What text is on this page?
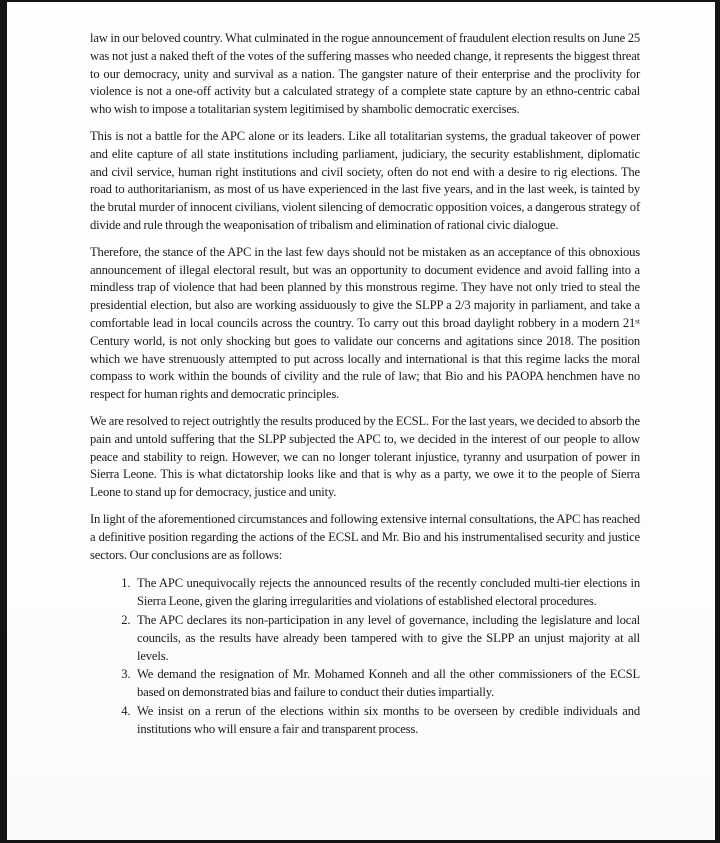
law in our beloved country. What culminated in the rogue announcement of fraudulent election results on June 25 was not just a naked theft of the votes of the suffering masses who needed change, it represents the biggest threat to our democracy, unity and survival as a nation. The gangster nature of their enterprise and the proclivity for violence is not a one-off activity but a calculated strategy of a complete state capture by an ethno-centric cabal who wish to impose a totalitarian system legitimised by shambolic democratic exercises.

This is not a battle for the APC alone or its leaders. Like all totalitarian systems, the gradual takeover of power and elite capture of all state institutions including parliament, judiciary, the security establishment, diplomatic and civil service, human right institutions and civil society, often do not end with a desire to rig elections. The road to authoritarianism, as most of us have experienced in the last five years, and in the last week, is tainted by the brutal murder of innocent civilians, violent silencing of democratic opposition voices, a dangerous strategy of divide and rule through the weaponisation of tribalism and elimination of rational civic dialogue.

Therefore, the stance of the APC in the last few days should not be mistaken as an acceptance of this obnoxious announcement of illegal electoral result, but was an opportunity to document evidence and avoid falling into a mindless trap of violence that had been planned by this monstrous regime. They have not only tried to steal the presidential election, but also are working assiduously to give the SLPP a 2/3 majority in parliament, and take a comfortable lead in local councils across the country. To carry out this broad daylight robbery in a modern 21ˢᵗ Century world, is not only shocking but goes to validate our concerns and agitations since 2018. The position which we have strenuously attempted to put across locally and international is that this regime lacks the moral compass to work within the bounds of civility and the rule of law; that Bio and his PAOPA henchmen have no respect for human rights and democratic principles.

We are resolved to reject outrightly the results produced by the ECSL. For the last years, we decided to absorb the pain and untold suffering that the SLPP subjected the APC to, we decided in the interest of our people to allow peace and stability to reign. However, we can no longer tolerant injustice, tyranny and usurpation of power in Sierra Leone. This is what dictatorship looks like and that is why as a party, we owe it to the people of Sierra Leone to stand up for democracy, justice and unity.

In light of the aforementioned circumstances and following extensive internal consultations, the APC has reached a definitive position regarding the actions of the ECSL and Mr. Bio and his instrumentalised security and justice sectors. Our conclusions are as follows:

1. The APC unequivocally rejects the announced results of the recently concluded multi-tier elections in Sierra Leone, given the glaring irregularities and violations of established electoral procedures.
2. The APC declares its non-participation in any level of governance, including the legislature and local councils, as the results have already been tampered with to give the SLPP an unjust majority at all levels.
3. We demand the resignation of Mr. Mohamed Konneh and all the other commissioners of the ECSL based on demonstrated bias and failure to conduct their duties impartially.
4. We insist on a rerun of the elections within six months to be overseen by credible individuals and institutions who will ensure a fair and transparent process.
